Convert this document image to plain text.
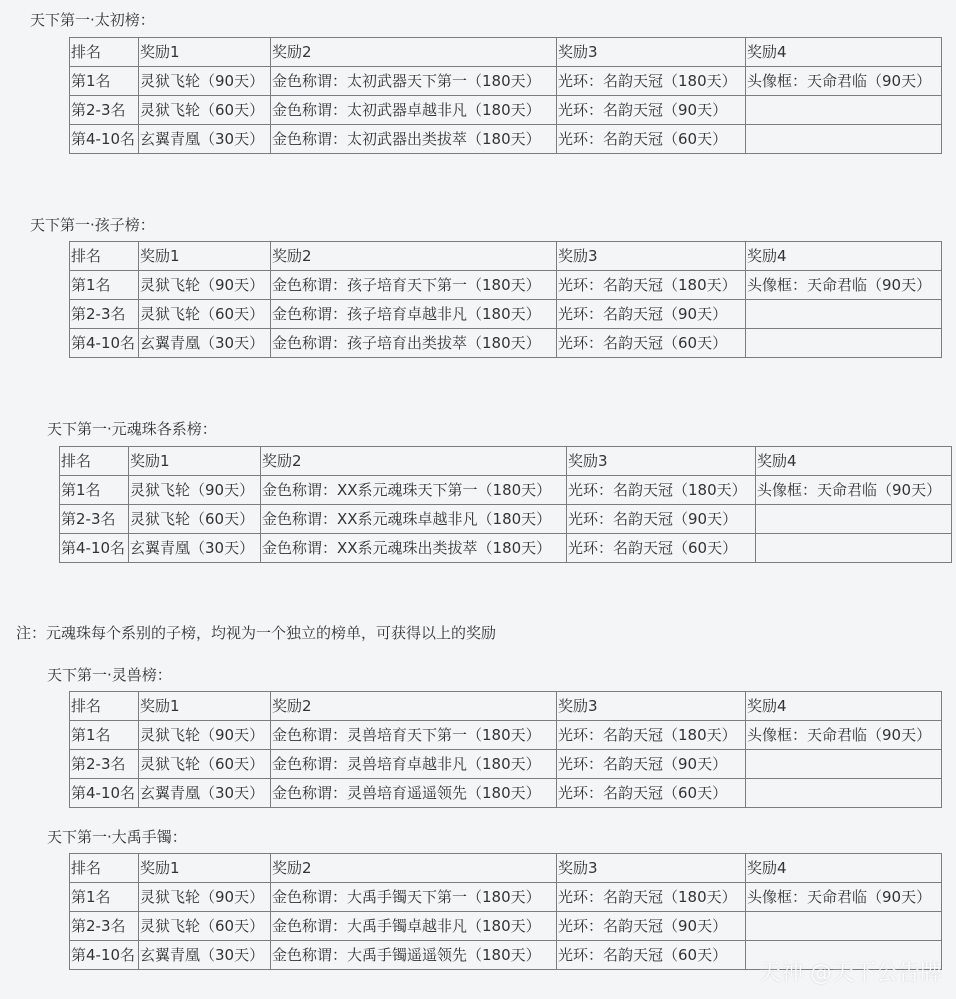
天下第一·太初榜：
排名	奖励1	奖励2	奖励3	奖励4
第1名	灵狱飞轮（90天）	金色称谓：太初武器天下第一（180天）	光环：名韵天冠（180天）	头像框：天命君临（90天）
第2-3名	灵狱飞轮（60天）	金色称谓：太初武器卓越非凡（180天）	光环：名韵天冠（90天）	
第4-10名	玄翼青凰（30天）	金色称谓：太初武器出类拔萃（180天）	光环：名韵天冠（60天）	
天下第一·孩子榜：
排名	奖励1	奖励2	奖励3	奖励4
第1名	灵狱飞轮（90天）	金色称谓：孩子培育天下第一（180天）	光环：名韵天冠（180天）	头像框：天命君临（90天）
第2-3名	灵狱飞轮（60天）	金色称谓：孩子培育卓越非凡（180天）	光环：名韵天冠（90天）	
第4-10名	玄翼青凰（30天）	金色称谓：孩子培育出类拔萃（180天）	光环：名韵天冠（60天）	
天下第一·元魂珠各系榜：
排名	奖励1	奖励2	奖励3	奖励4
第1名	灵狱飞轮（90天）	金色称谓：XX系元魂珠天下第一（180天）	光环：名韵天冠（180天）	头像框：天命君临（90天）
第2-3名	灵狱飞轮（60天）	金色称谓：XX系元魂珠卓越非凡（180天）	光环：名韵天冠（90天）	
第4-10名	玄翼青凰（30天）	金色称谓：XX系元魂珠出类拔萃（180天）	光环：名韵天冠（60天）	
注：元魂珠每个系别的子榜，均视为一个独立的榜单，可获得以上的奖励
天下第一·灵兽榜：
排名	奖励1	奖励2	奖励3	奖励4
第1名	灵狱飞轮（90天）	金色称谓：灵兽培育天下第一（180天）	光环：名韵天冠（180天）	头像框：天命君临（90天）
第2-3名	灵狱飞轮（60天）	金色称谓：灵兽培育卓越非凡（180天）	光环：名韵天冠（90天）	
第4-10名	玄翼青凰（30天）	金色称谓：灵兽培育遥遥领先（180天）	光环：名韵天冠（60天）	
天下第一·大禹手镯：
排名	奖励1	奖励2	奖励3	奖励4
第1名	灵狱飞轮（90天）	金色称谓：大禹手镯天下第一（180天）	光环：名韵天冠（180天）	头像框：天命君临（90天）
第2-3名	灵狱飞轮（60天）	金色称谓：大禹手镯卓越非凡（180天）	光环：名韵天冠（90天）	
第4-10名	玄翼青凰（30天）	金色称谓：大禹手镯遥遥领先（180天）	光环：名韵天冠（60天）	
天神 @天下公告牌
